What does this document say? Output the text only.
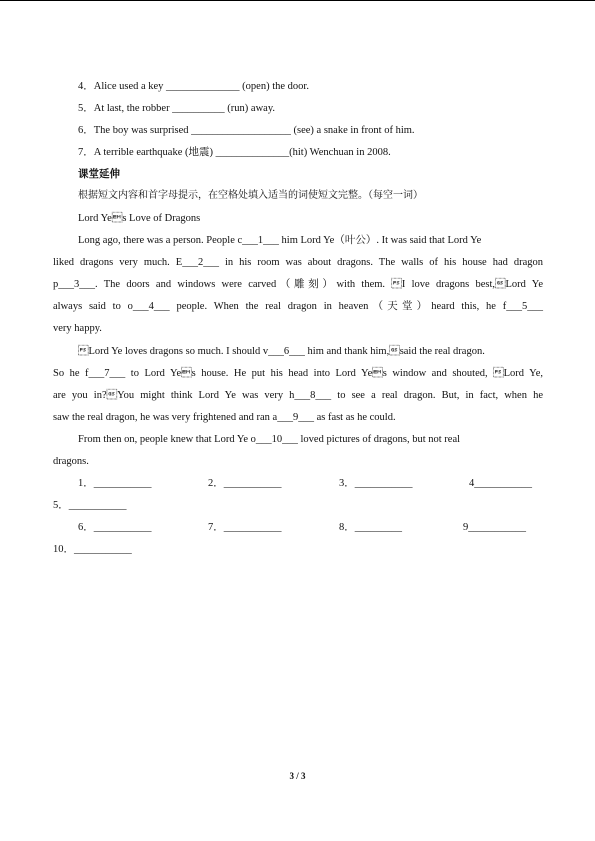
4．Alice used a key ______________ (open) the door.
5．At last, the robber __________ (run) away.
6．The boy was surprised ___________________ (see) a snake in front of him.
7．A terrible earthquake (地震) ______________(hit) Wenchuan in 2008.
课堂延伸
根据短文内容和首字母提示，在空格处填入适当的词使短文完整。（每空一词）
Lord Yes Love of Dragons
Long ago, there was a person. People c___1___ him Lord Ye（叶公）. It was said that Lord Ye
liked dragons very much. E___2___ in his room was about dragons. The walls of his house had dragon
p___3___. The doors and windows were carved（雕刻）with them. I love dragons best,Lord Ye
always said to o___4___ people. When the real dragon in heaven（天堂）heard this, he f___5___
very happy.
Lord Ye loves dragons so much. I should v___6___ him and thank him,said the real dragon.
So he f___7___ to Lord Yes house. He put his head into Lord Yes window and shouted, Lord Ye,
are you in?You might think Lord Ye was very h___8___ to see a real dragon. But, in fact, when he
saw the real dragon, he was very frightened and ran a___9___ as fast as he could.
From then on, people knew that Lord Ye o___10___ loved pictures of dragons, but not real
dragons.
1．___________	2．___________	3．___________	4___________
5．___________
6．___________	7．___________	8．_________	9___________
10．___________
3 / 3
